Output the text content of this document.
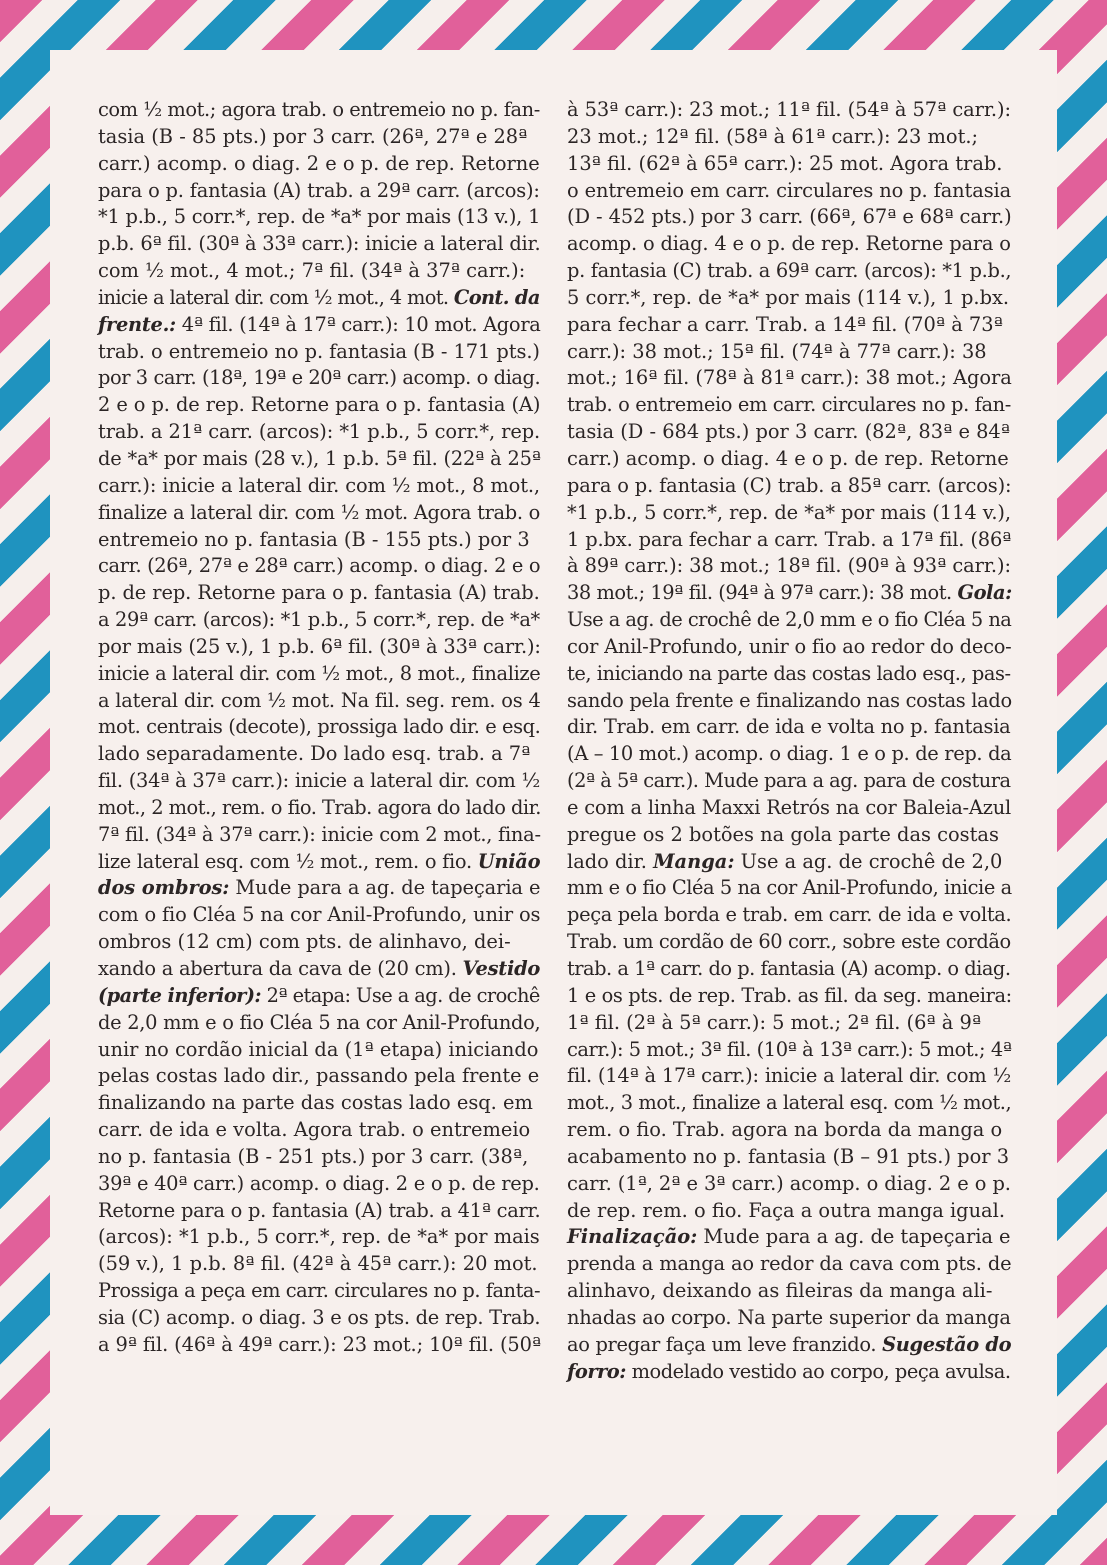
com ½ mot.; agora trab. o entremeio no p. fan-
tasia (B - 85 pts.) por 3 carr. (26ª, 27ª e 28ª
carr.) acomp. o diag. 2 e o p. de rep. Retorne
para o p. fantasia (A) trab. a 29ª carr. (arcos):
*1 p.b., 5 corr.*, rep. de *a* por mais (13 v.), 1
p.b. 6ª fil. (30ª à 33ª carr.): inicie a lateral dir.
com ½ mot., 4 mot.; 7ª fil. (34ª à 37ª carr.):
inicie a lateral dir. com ½ mot., 4 mot. Cont. da
frente.: 4ª fil. (14ª à 17ª carr.): 10 mot. Agora
trab. o entremeio no p. fantasia (B - 171 pts.)
por 3 carr. (18ª, 19ª e 20ª carr.) acomp. o diag.
2 e o p. de rep. Retorne para o p. fantasia (A)
trab. a 21ª carr. (arcos): *1 p.b., 5 corr.*, rep.
de *a* por mais (28 v.), 1 p.b. 5ª fil. (22ª à 25ª
carr.): inicie a lateral dir. com ½ mot., 8 mot.,
finalize a lateral dir. com ½ mot. Agora trab. o
entremeio no p. fantasia (B - 155 pts.) por 3
carr. (26ª, 27ª e 28ª carr.) acomp. o diag. 2 e o
p. de rep. Retorne para o p. fantasia (A) trab.
a 29ª carr. (arcos): *1 p.b., 5 corr.*, rep. de *a*
por mais (25 v.), 1 p.b. 6ª fil. (30ª à 33ª carr.):
inicie a lateral dir. com ½ mot., 8 mot., finalize
a lateral dir. com ½ mot. Na fil. seg. rem. os 4
mot. centrais (decote), prossiga lado dir. e esq.
lado separadamente. Do lado esq. trab. a 7ª
fil. (34ª à 37ª carr.): inicie a lateral dir. com ½
mot., 2 mot., rem. o fio. Trab. agora do lado dir.
7ª fil. (34ª à 37ª carr.): inicie com 2 mot., fina-
lize lateral esq. com ½ mot., rem. o fio. União
dos ombros: Mude para a ag. de tapeçaria e
com o fio Cléa 5 na cor Anil-Profundo, unir os
ombros (12 cm) com pts. de alinhavo, dei-
xando a abertura da cava de (20 cm). Vestido
(parte inferior): 2ª etapa: Use a ag. de crochê
de 2,0 mm e o fio Cléa 5 na cor Anil-Profundo,
unir no cordão inicial da (1ª etapa) iniciando
pelas costas lado dir., passando pela frente e
finalizando na parte das costas lado esq. em
carr. de ida e volta. Agora trab. o entremeio
no p. fantasia (B - 251 pts.) por 3 carr. (38ª,
39ª e 40ª carr.) acomp. o diag. 2 e o p. de rep.
Retorne para o p. fantasia (A) trab. a 41ª carr.
(arcos): *1 p.b., 5 corr.*, rep. de *a* por mais
(59 v.), 1 p.b. 8ª fil. (42ª à 45ª carr.): 20 mot.
Prossiga a peça em carr. circulares no p. fanta-
sia (C) acomp. o diag. 3 e os pts. de rep. Trab.
a 9ª fil. (46ª à 49ª carr.): 23 mot.; 10ª fil. (50ª
à 53ª carr.): 23 mot.; 11ª fil. (54ª à 57ª carr.):
23 mot.; 12ª fil. (58ª à 61ª carr.): 23 mot.;
13ª fil. (62ª à 65ª carr.): 25 mot. Agora trab.
o entremeio em carr. circulares no p. fantasia
(D - 452 pts.) por 3 carr. (66ª, 67ª e 68ª carr.)
acomp. o diag. 4 e o p. de rep. Retorne para o
p. fantasia (C) trab. a 69ª carr. (arcos): *1 p.b.,
5 corr.*, rep. de *a* por mais (114 v.), 1 p.bx.
para fechar a carr. Trab. a 14ª fil. (70ª à 73ª
carr.): 38 mot.; 15ª fil. (74ª à 77ª carr.): 38
mot.; 16ª fil. (78ª à 81ª carr.): 38 mot.; Agora
trab. o entremeio em carr. circulares no p. fan-
tasia (D - 684 pts.) por 3 carr. (82ª, 83ª e 84ª
carr.) acomp. o diag. 4 e o p. de rep. Retorne
para o p. fantasia (C) trab. a 85ª carr. (arcos):
*1 p.b., 5 corr.*, rep. de *a* por mais (114 v.),
1 p.bx. para fechar a carr. Trab. a 17ª fil. (86ª
à 89ª carr.): 38 mot.; 18ª fil. (90ª à 93ª carr.):
38 mot.; 19ª fil. (94ª à 97ª carr.): 38 mot. Gola:
Use a ag. de crochê de 2,0 mm e o fio Cléa 5 na
cor Anil-Profundo, unir o fio ao redor do deco-
te, iniciando na parte das costas lado esq., pas-
sando pela frente e finalizando nas costas lado
dir. Trab. em carr. de ida e volta no p. fantasia
(A – 10 mot.) acomp. o diag. 1 e o p. de rep. da
(2ª à 5ª carr.). Mude para a ag. para de costura
e com a linha Maxxi Retrós na cor Baleia-Azul
pregue os 2 botões na gola parte das costas
lado dir. Manga: Use a ag. de crochê de 2,0
mm e o fio Cléa 5 na cor Anil-Profundo, inicie a
peça pela borda e trab. em carr. de ida e volta.
Trab. um cordão de 60 corr., sobre este cordão
trab. a 1ª carr. do p. fantasia (A) acomp. o diag.
1 e os pts. de rep. Trab. as fil. da seg. maneira:
1ª fil. (2ª à 5ª carr.): 5 mot.; 2ª fil. (6ª à 9ª
carr.): 5 mot.; 3ª fil. (10ª à 13ª carr.): 5 mot.; 4ª
fil. (14ª à 17ª carr.): inicie a lateral dir. com ½
mot., 3 mot., finalize a lateral esq. com ½ mot.,
rem. o fio. Trab. agora na borda da manga o
acabamento no p. fantasia (B – 91 pts.) por 3
carr. (1ª, 2ª e 3ª carr.) acomp. o diag. 2 e o p.
de rep. rem. o fio. Faça a outra manga igual.
Finalização: Mude para a ag. de tapeçaria e
prenda a manga ao redor da cava com pts. de
alinhavo, deixando as fileiras da manga ali-
nhadas ao corpo. Na parte superior da manga
ao pregar faça um leve franzido. Sugestão do
forro: modelado vestido ao corpo, peça avulsa.
